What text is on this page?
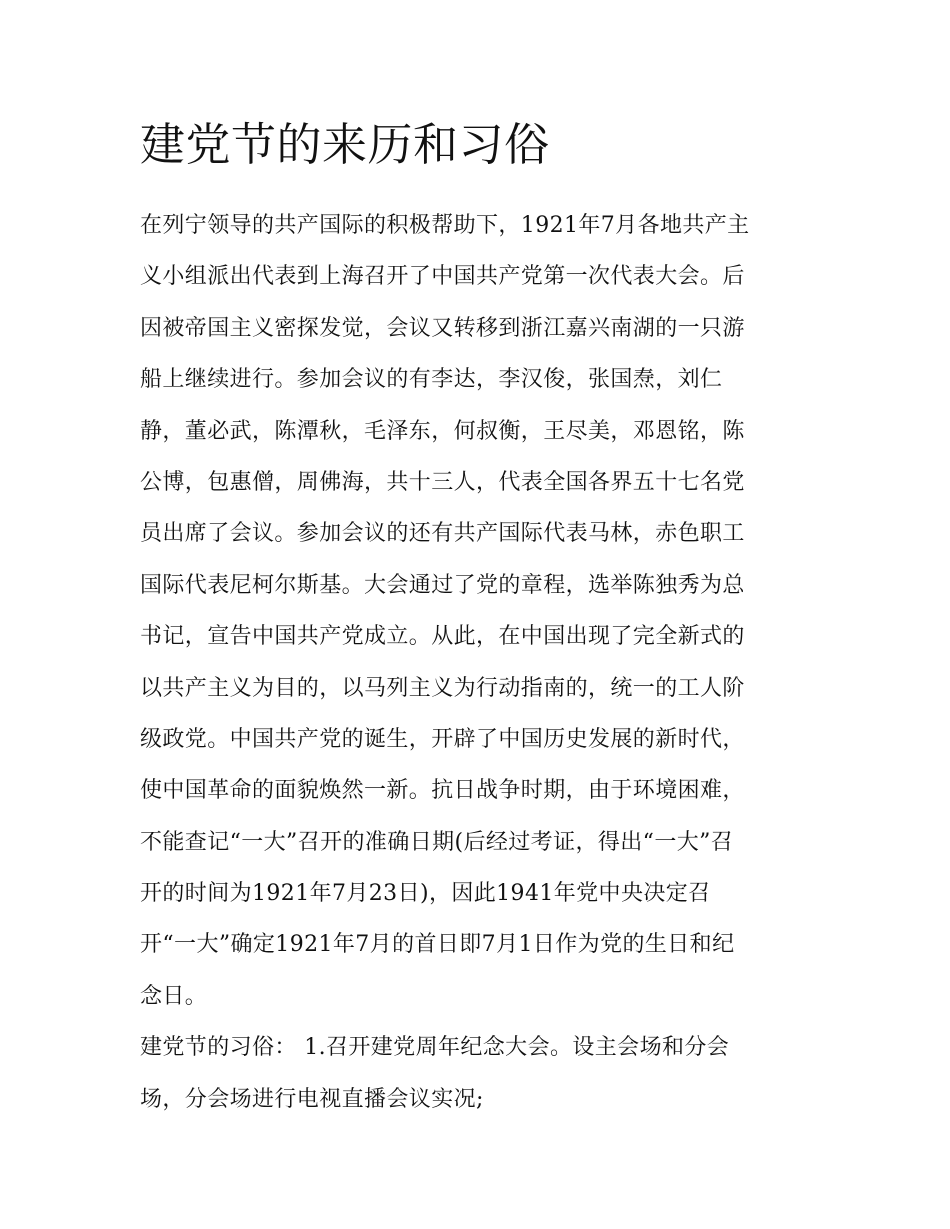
建党节的来历和习俗
在列宁领导的共产国际的积极帮助下，1921年7月各地共产主
义小组派出代表到上海召开了中国共产党第一次代表大会。后
因被帝国主义密探发觉，会议又转移到浙江嘉兴南湖的一只游
船上继续进行。参加会议的有李达，李汉俊，张国焘，刘仁
静，董必武，陈潭秋，毛泽东，何叔衡，王尽美，邓恩铭，陈
公博，包惠僧，周佛海，共十三人，代表全国各界五十七名党
员出席了会议。参加会议的还有共产国际代表马林，赤色职工
国际代表尼柯尔斯基。大会通过了党的章程，选举陈独秀为总
书记，宣告中国共产党成立。从此，在中国出现了完全新式的
以共产主义为目的，以马列主义为行动指南的，统一的工人阶
级政党。中国共产党的诞生，开辟了中国历史发展的新时代，
使中国革命的面貌焕然一新。抗日战争时期，由于环境困难，
不能查记“一大”召开的准确日期(后经过考证，得出“一大”召
开的时间为1921年7月23日)，因此1941年党中央决定召
开“一大”确定1921年7月的首日即7月1日作为党的生日和纪
念日。
建党节的习俗： 1.召开建党周年纪念大会。设主会场和分会
场，分会场进行电视直播会议实况;
